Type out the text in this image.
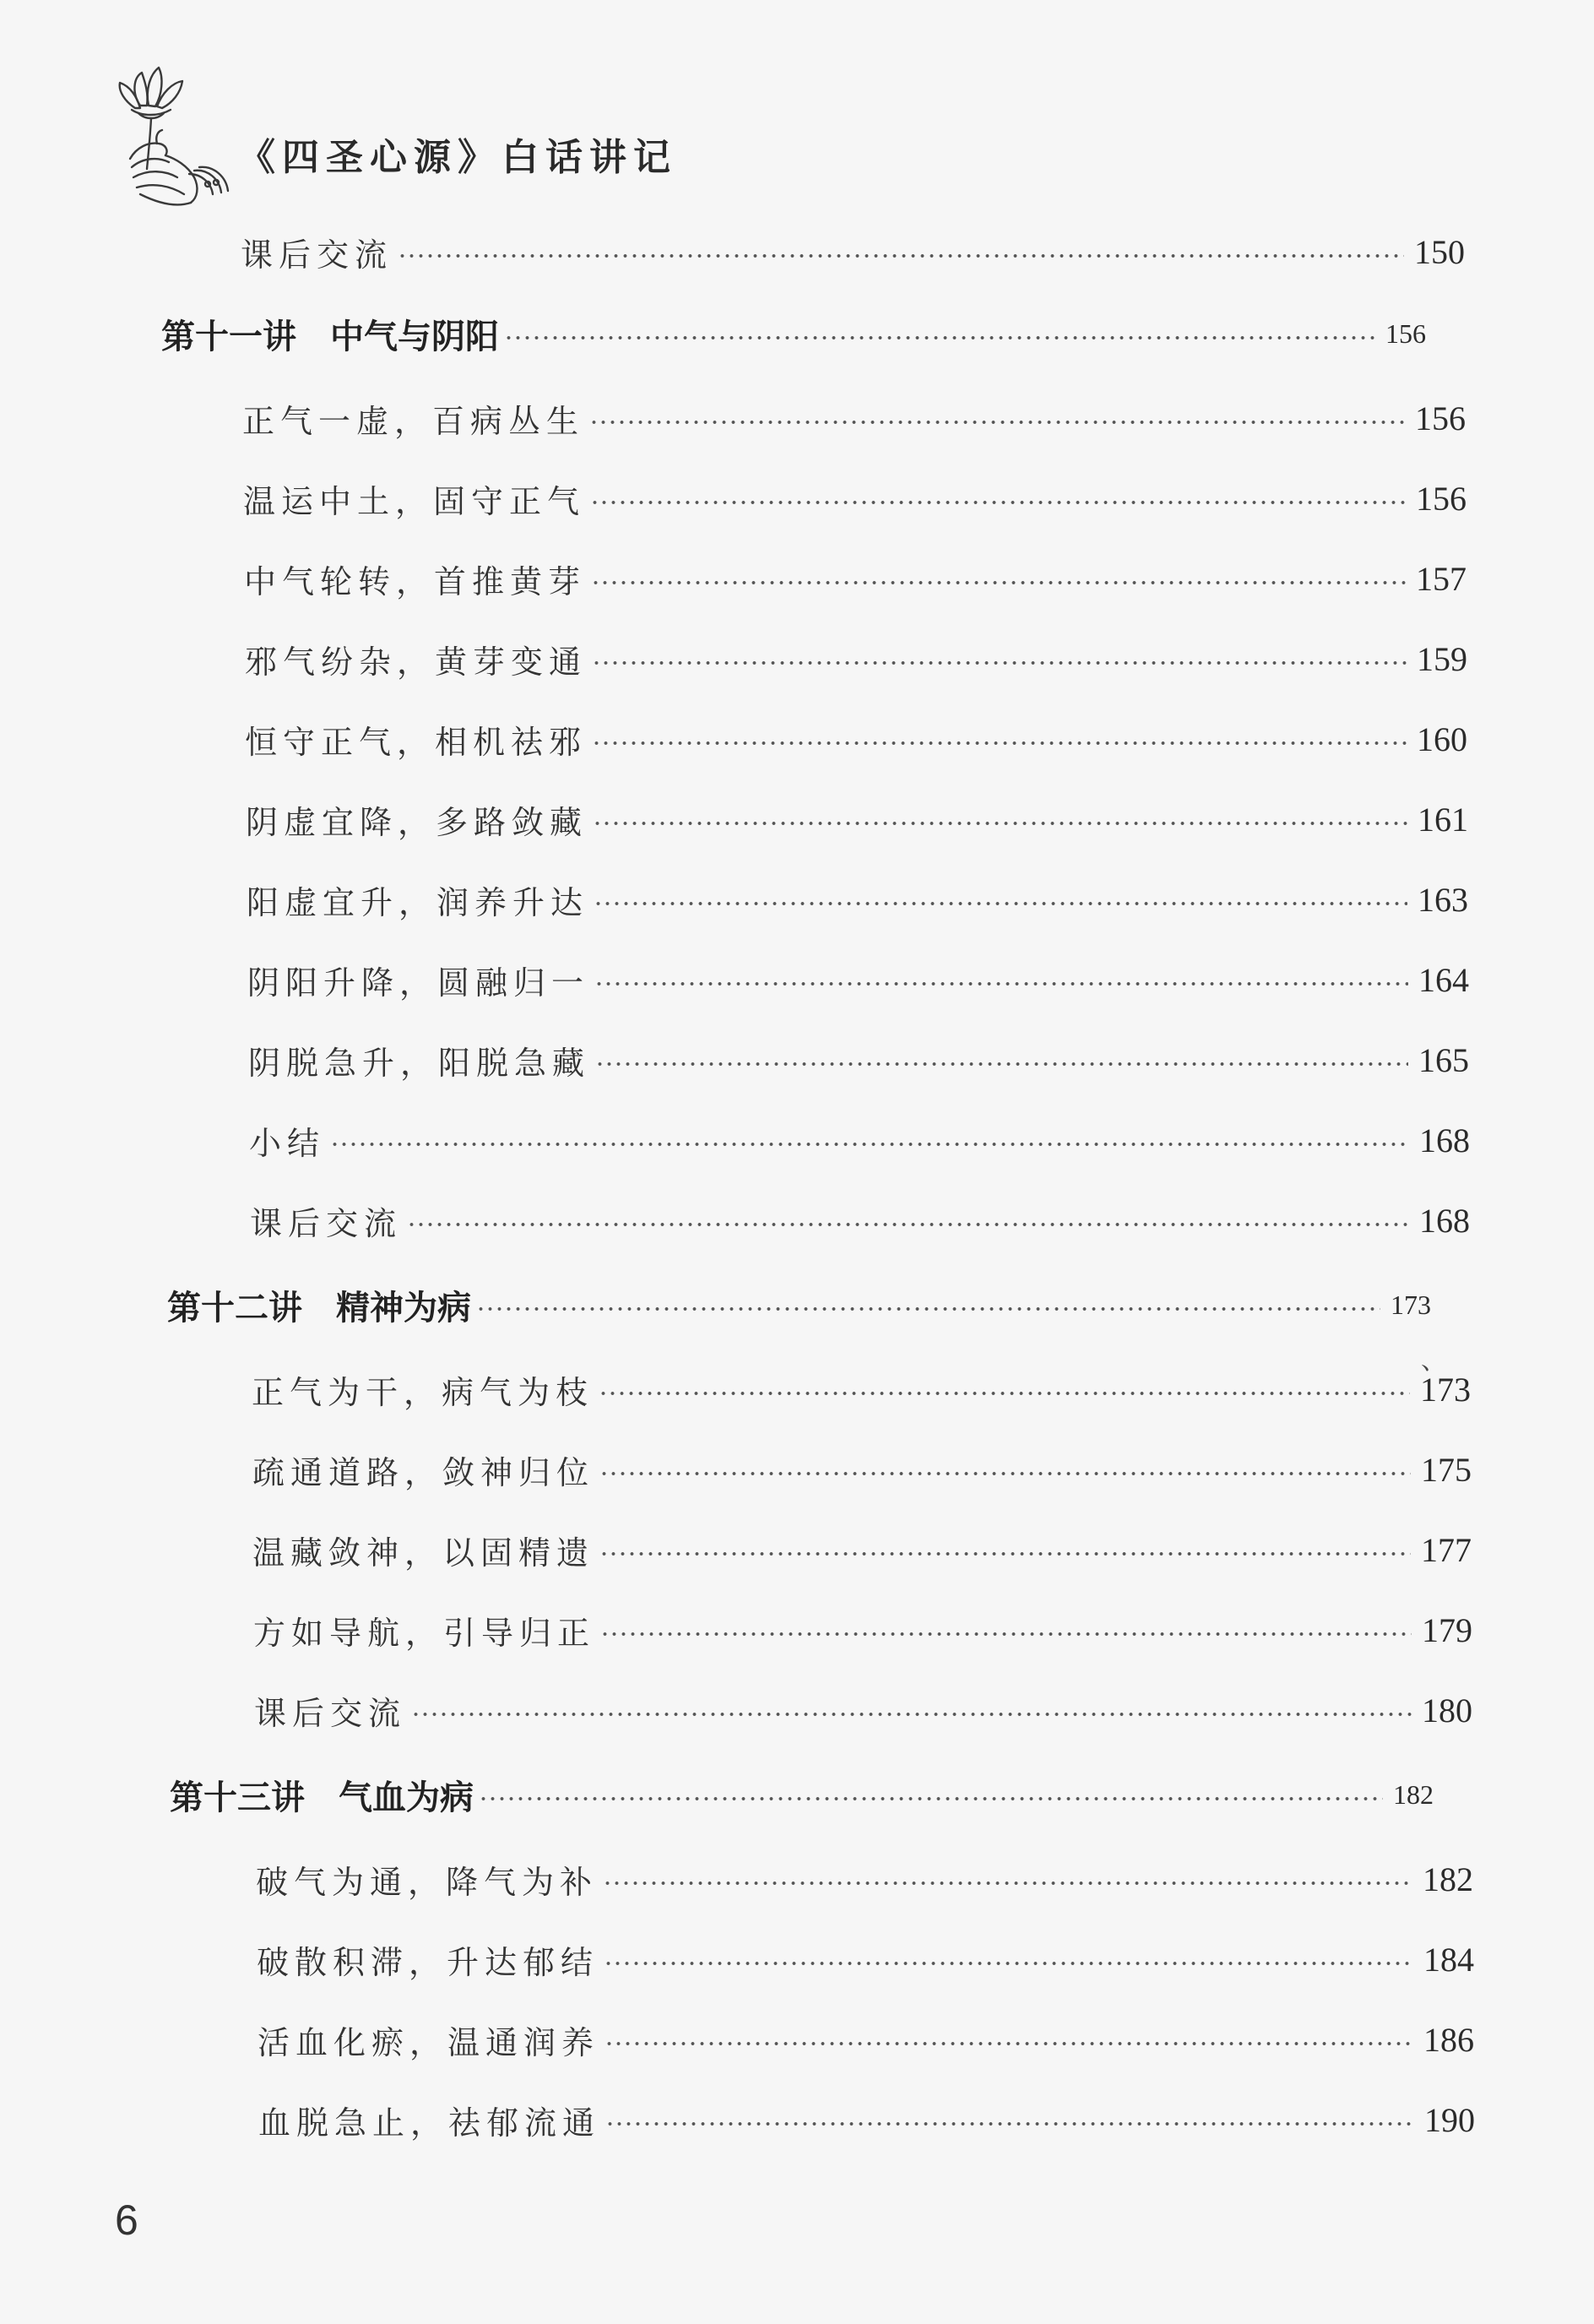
《四圣心源》白话讲记
课后交流	150
第十一讲　中气与阴阳	156
正气一虚，百病丛生	156
温运中土，固守正气	156
中气轮转，首推黄芽	157
邪气纷杂，黄芽变通	159
恒守正气，相机祛邪	160
阴虚宜降，多路敛藏	161
阳虚宜升，润养升达	163
阴阳升降，圆融归一	164
阴脱急升，阳脱急藏	165
小结	168
课后交流	168
第十二讲　精神为病	173
正气为干，病气为枝	173
疏通道路，敛神归位	175
温藏敛神，以固精遗	177
方如导航，引导归正	179
课后交流	180
第十三讲　气血为病	182
破气为通，降气为补	182
破散积滞，升达郁结	184
活血化瘀，温通润养	186
血脱急止，祛郁流通	190
、
6
